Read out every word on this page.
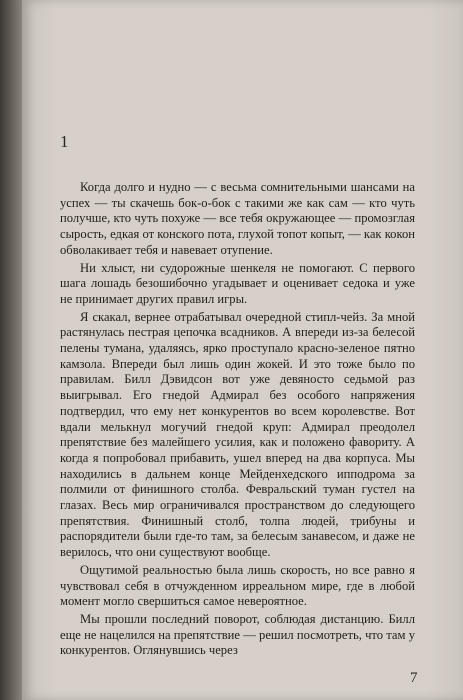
1

Когда долго и нудно — с весьма сомнительными шансами на успех — ты скачешь бок-о-бок с такими же как сам — кто чуть получше, кто чуть похуже — все тебя окружающее — промозглая сырость, едкая от конского пота, глухой топот копыт, — как кокон обволакивает тебя и навевает отупение.

Ни хлыст, ни судорожные шенкеля не помогают. С первого шага лошадь безошибочно угадывает и оценивает седока и уже не принимает других правил игры.

Я скакал, вернее отрабатывал очередной стипл-чейз. За мной растянулась пестрая цепочка всадников. А впереди из-за белесой пелены тумана, удаляясь, ярко проступало красно-зеленое пятно камзола. Впереди был лишь один жокей. И это тоже было по правилам. Билл Дэвидсон вот уже девяносто седьмой раз выигрывал. Его гнедой Адмирал без особого напряжения подтвердил, что ему нет конкурентов во всем королевстве. Вот вдали мелькнул могучий гнедой круп: Адмирал преодолел препятствие без малейшего усилия, как и положено фавориту. А когда я попробовал прибавить, ушел вперед на два корпуса. Мы находились в дальнем конце Мейденхедского ипподрома за полмили от финишного столба. Февральский туман густел на глазах. Весь мир ограничивался пространством до следующего препятствия. Финишный столб, толпа людей, трибуны и распорядители были где-то там, за белесым занавесом, и даже не верилось, что они существуют вообще.

Ощутимой реальностью была лишь скорость, но все равно я чувствовал себя в отчужденном ирреальном мире, где в любой момент могло свершиться самое невероятное.

Мы прошли последний поворот, соблюдая дистанцию. Билл еще не нацелился на препятствие — решил посмотреть, что там у конкурентов. Оглянувшись через

7
